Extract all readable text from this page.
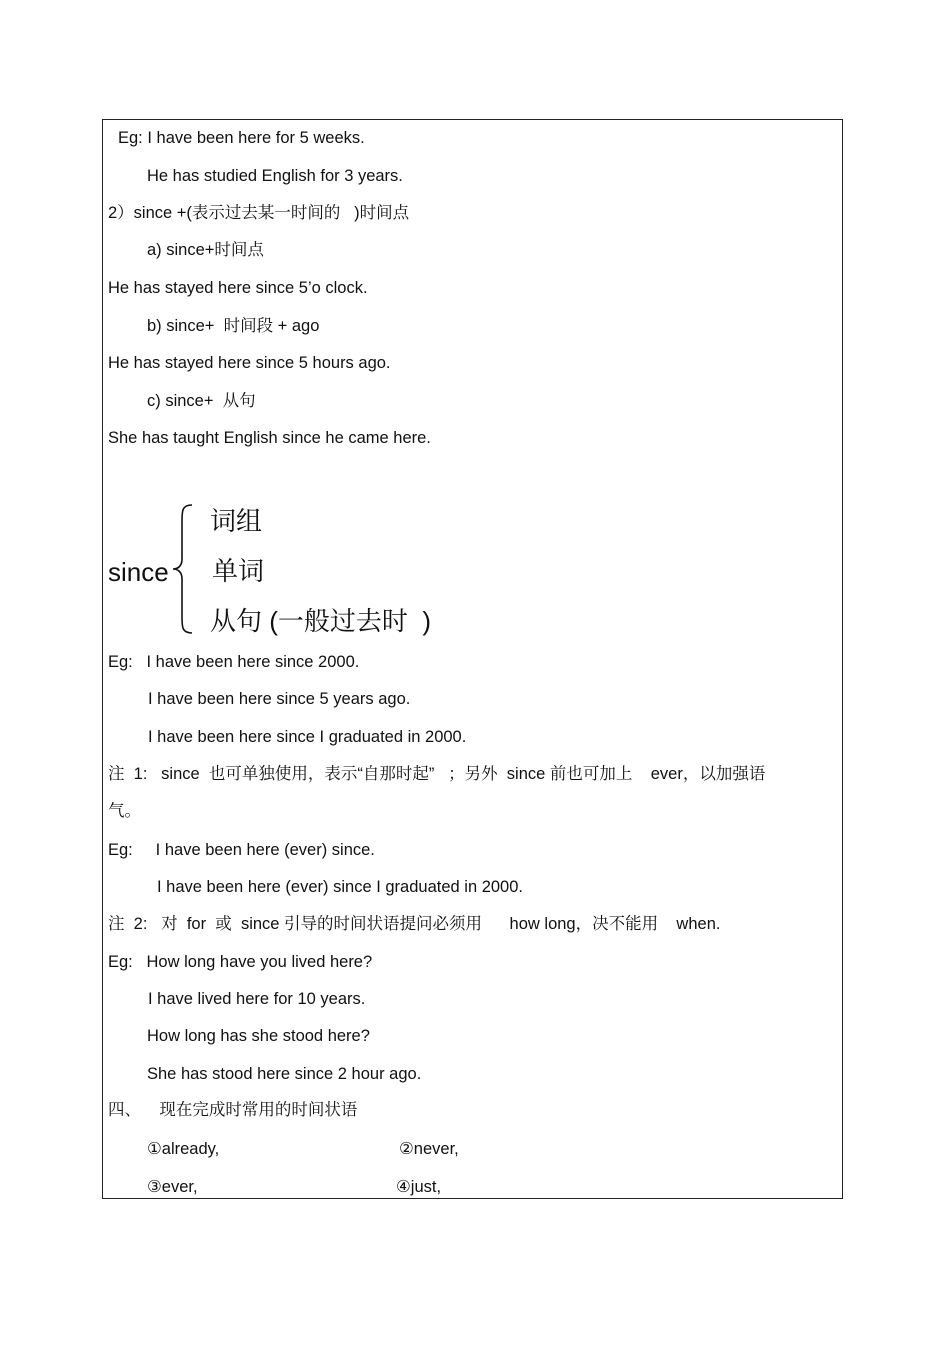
Eg: I have been here for 5 weeks.
He has studied English for 3 years.
2）since +(表示过去某一时间的   )时间点
a) since+时间点
He has stayed here since 5’o clock.
b) since+  时间段 + ago
He has stayed here since 5 hours ago.
c) since+  从句
She has taught English since he came here.
since
词组
单词
从句 (一般过去时  )
Eg:   I have been here since 2000.
I have been here since 5 years ago.
I have been here since I graduated in 2000.
注  1:   since  也可单独使用，表示“自那时起”   ；另外  since 前也可加上    ever，以加强语
气。
Eg:     I have been here (ever) since.
I have been here (ever) since I graduated in 2000.
注  2:   对  for  或  since 引导的时间状语提问必须用      how long，决不能用    when.
Eg:   How long have you lived here?
I have lived here for 10 years.
How long has she stood here?
She has stood here since 2 hour ago.
四、    现在完成时常用的时间状语
①already,	②never,
③ever,	④just,
